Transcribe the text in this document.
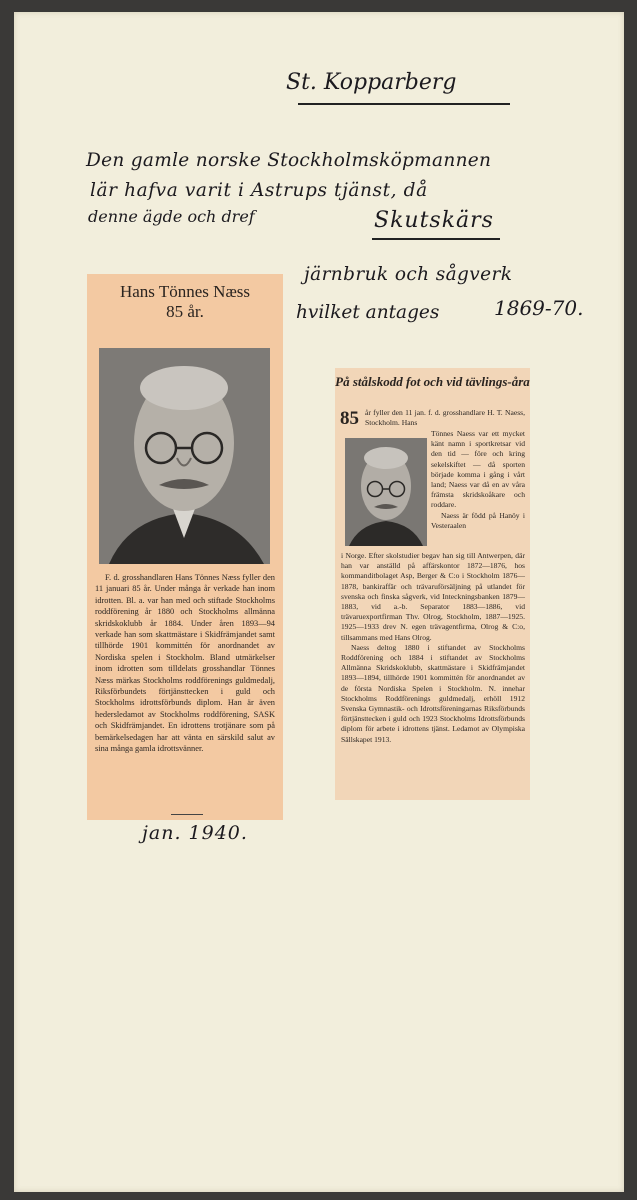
St. Kopparberg
Den gamle norske Stockholmsköpmannen
lär hafva varit i Astrups tjänst, då
denne ägde och dref	Skutskärs
järnbruk och sågverk
hvilket antages	1869-70.
Hans Tönnes Næss
85 år.
F. d. grosshandlaren Hans Tönnes Næss fyller den 11 januari 85 år. Under många år verkade han inom idrotten. Bl. a. var han med och stiftade Stockholms roddförening år 1880 och Stockholms allmänna skridskoklubb år 1884. Under åren 1893—94 verkade han som skattmästare i Skidfrämjandet samt tillhörde 1901 kommittén för anordnandet av Nordiska spelen i Stockholm. Bland utmärkelser inom idrotten som tilldelats grosshandlar Tönnes Næss märkas Stockholms roddförenings guldmedalj, Riksförbundets förtjänsttecken i guld och Stockholms idrottsförbunds diplom. Han är även hedersledamot av Stockholms roddförening, SASK och Skidfrämjandet. En idrottens trotjänare som på bemärkelsedagen har att vänta en särskild salut av sina många gamla idrottsvänner.
På stålskodd fot och vid tävlings-åra
85 år fyller den 11 jan. f. d. grosshandlare H. T. Naess, Stockholm. Hans

Tönnes Naess var ett mycket känt namn i sportkretsar vid den tid — före och kring sekelskiftet — då sporten började komma i gång i vårt land; Naess var då en av våra främsta skridskoåkare och roddare.

Naess är född på Hanöy i Vesteraalen

i Norge. Efter skolstudier begav han sig till Antwerpen, där han var anställd på affärskontor 1872—1876, hos kommanditbolaget Asp, Berger & C:o i Stockholm 1876—1878, bankiraffär och trävaruförsäljning på utlandet för svenska och finska sågverk, vid Inteckningsbanken 1879—1883, vid a.-b. Separator 1883—1886, vid trävaruexportfirman Thv. Olrog, Stockholm, 1887—1925. 1925—1933 drev N. egen trävagentfirma, Olrog & C:o, tillsammans med Hans Olrog.

Naess deltog 1880 i stiftandet av Stockholms Roddförening och 1884 i stiftandet av Stockholms Allmänna Skridskoklubb, skattmästare i Skidfrämjandet 1893—1894, tillhörde 1901 kommittén för anordnandet av de första Nordiska Spelen i Stockholm. N. innehar Stockholms Roddförenings guldmedalj, erhöll 1912 Svenska Gymnastik- och Idrottsföreningarnas Riksförbunds förtjänsttecken i guld och 1923 Stockholms Idrottsförbunds diplom för arbete i idrottens tjänst. Ledamot av Olympiska Sällskapet 1913.

jan. 1940.
